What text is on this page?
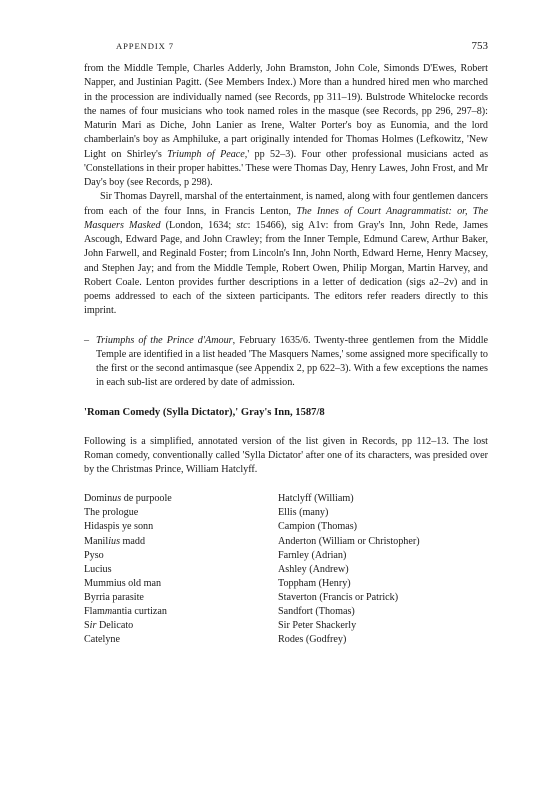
APPENDIX 7	753

from the Middle Temple, Charles Adderly, John Bramston, John Cole, Simonds D'Ewes, Robert Napper, and Justinian Pagitt. (See Members Index.) More than a hundred hired men who marched in the procession are individually named (see Records, pp 311–19). Bulstrode Whitelocke records the names of four musicians who took named roles in the masque (see Records, pp 296, 297–8): Maturin Mari as Diche, John Lanier as Irene, Walter Porter's boy as Eunomia, and the lord chamberlain's boy as Amphiluke, a part originally intended for Thomas Holmes (Lefkowitz, 'New Light on Shirley's Triumph of Peace,' pp 52–3). Four other professional musicians acted as 'Constellations in their proper habittes.' These were Thomas Day, Henry Lawes, John Frost, and Mr Day's boy (see Records, p 298).

Sir Thomas Dayrell, marshal of the entertainment, is named, along with four gentlemen dancers from each of the four Inns, in Francis Lenton, The Innes of Court Anagrammatist: or, The Masquers Masked (London, 1634; stc: 15466), sig A1v: from Gray's Inn, John Rede, James Ascough, Edward Page, and John Crawley; from the Inner Temple, Edmund Carew, Arthur Baker, John Farwell, and Reginald Foster; from Lincoln's Inn, John North, Edward Herne, Henry Macsey, and Stephen Jay; and from the Middle Temple, Robert Owen, Philip Morgan, Martin Harvey, and Robert Coale. Lenton provides further descriptions in a letter of dedication (sigs a2–2v) and in poems addressed to each of the sixteen participants. The editors refer readers directly to this imprint.

– Triumphs of the Prince d'Amour, February 1635/6. Twenty-three gentlemen from the Middle Temple are identified in a list headed 'The Masquers Names,' some assigned more specifically to the first or the second antimasque (see Appendix 2, pp 622–3). With a few exceptions the names in each sub-list are ordered by date of admission.

'Roman Comedy (Sylla Dictator),' Gray's Inn, 1587/8

Following is a simplified, annotated version of the list given in Records, pp 112–13. The lost Roman comedy, conventionally called 'Sylla Dictator' after one of its characters, was presided over by the Christmas Prince, William Hatclyff.

Dominus de purpoole
The prologue
Hidaspis ye sonn
Manilius madd
Pyso
Lucius
Mummius old man
Byrria parasite
Flammantia curtizan
Sir Delicato
Catelyne
Hatclyff (William)
Ellis (many)
Campion (Thomas)
Anderton (William or Christopher)
Farnley (Adrian)
Ashley (Andrew)
Toppham (Henry)
Staverton (Francis or Patrick)
Sandfort (Thomas)
Sir Peter Shackerly
Rodes (Godfrey)
